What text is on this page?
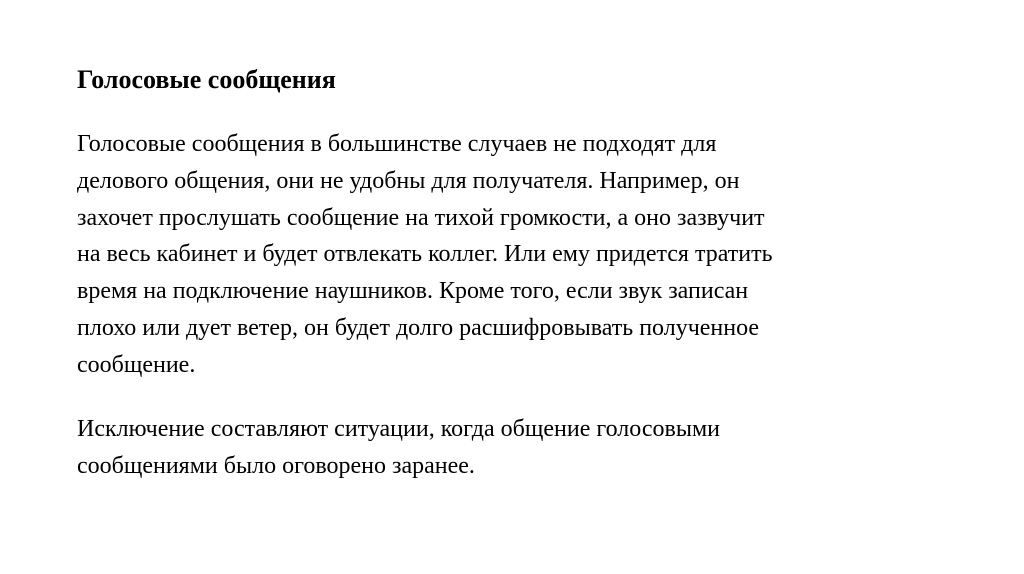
Голосовые сообщения

Голосовые сообщения в большинстве случаев не подходят для
делового общения, они не удобны для получателя. Например, он
захочет прослушать сообщение на тихой громкости, а оно зазвучит
на весь кабинет и будет отвлекать коллег. Или ему придется тратить
время на подключение наушников. Кроме того, если звук записан
плохо или дует ветер, он будет долго расшифровывать полученное
сообщение.

Исключение составляют ситуации, когда общение голосовыми
сообщениями было оговорено заранее.
